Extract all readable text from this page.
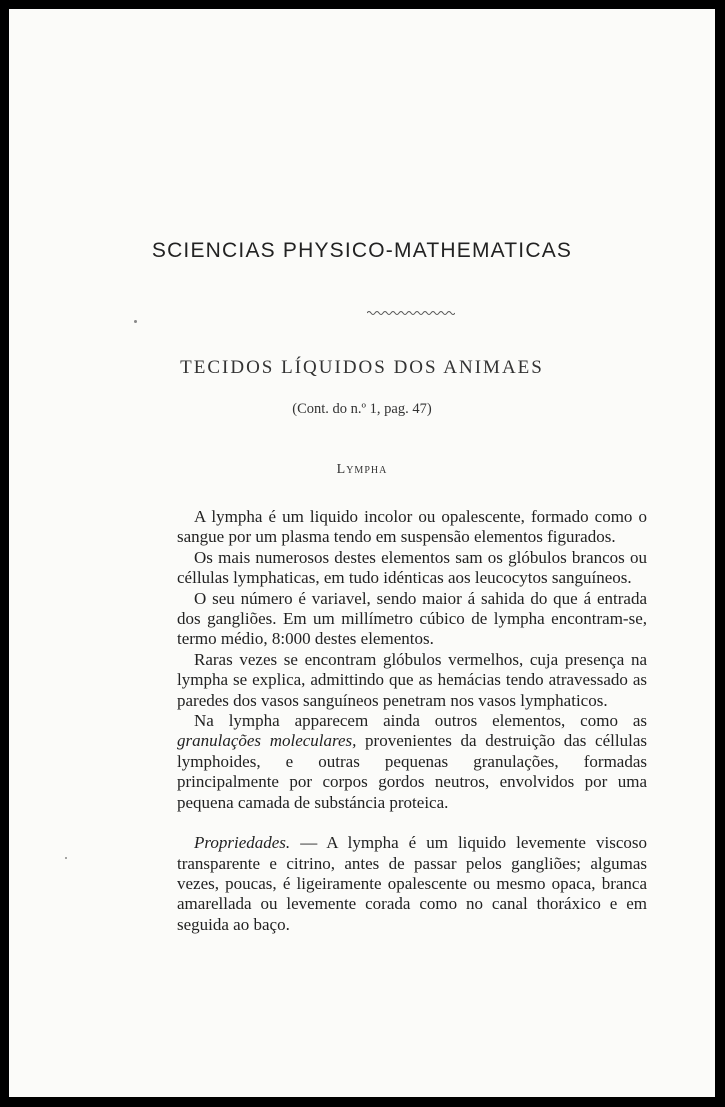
SCIENCIAS PHYSICO-MATHEMATICAS
TECIDOS LÍQUIDOS DOS ANIMAES
(Cont. do n.º 1, pag. 47)
Lympha

A lympha é um liquido incolor ou opalescente, formado como o sangue por um plasma tendo em suspensão elementos figurados.

Os mais numerosos destes elementos sam os glóbulos brancos ou céllulas lymphaticas, em tudo idénticas aos leucocytos sanguíneos.

O seu número é variavel, sendo maior á sahida do que á entrada dos gangliões. Em um millímetro cúbico de lympha encontram-se, termo médio, 8:000 destes elementos.

Raras vezes se encontram glóbulos vermelhos, cuja presença na lympha se explica, admittindo que as hemácias tendo atravessado as paredes dos vasos sanguíneos penetram nos vasos lymphaticos.

Na lympha apparecem ainda outros elementos, como as granulações moleculares, provenientes da destruição das céllulas lymphoides, e outras pequenas granulações, formadas principalmente por corpos gordos neutros, envolvidos por uma pequena camada de substáncia proteica.

Propriedades. — A lympha é um liquido levemente viscoso transparente e citrino, antes de passar pelos gangliões; algumas vezes, poucas, é ligeiramente opalescente ou mesmo opaca, branca amarellada ou levemente corada como no canal thoráxico e em seguida ao baço.
